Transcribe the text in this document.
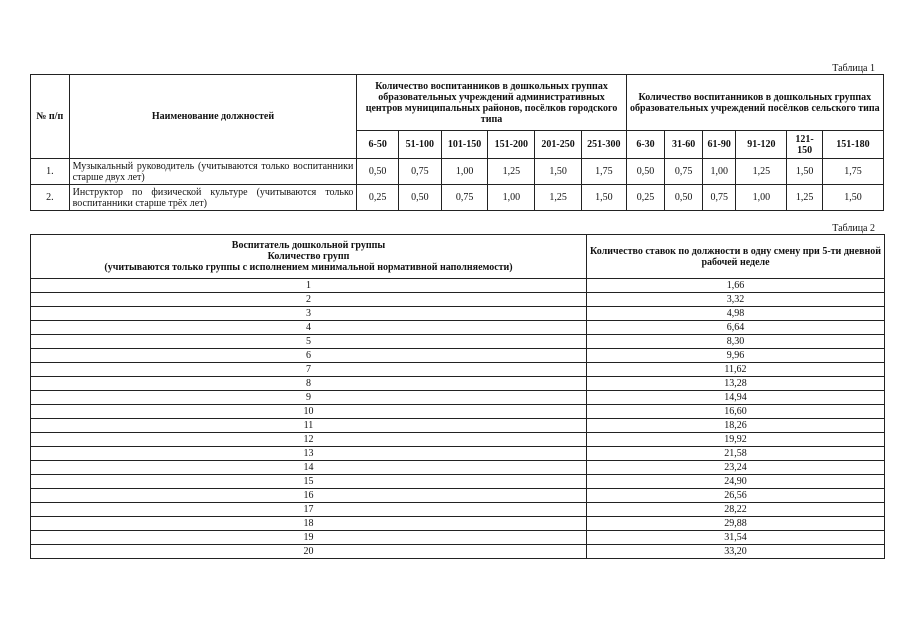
Таблица 1
№ п/п	Наименование должностей	Количество воспитанников в дошкольных группах образовательных учреждений административных центров муниципальных районов, посёлков городского типа						Количество воспитанников в дошкольных группах образовательных учреждений посёлков сельского типа					
		6-50	51-100	101-150	151-200	201-250	251-300	6-30	31-60	61-90	91-120	121-150	151-180
1.	Музыкальный руководитель (учитываются только воспитанники старше двух лет)	0,50	0,75	1,00	1,25	1,50	1,75	0,50	0,75	1,00	1,25	1,50	1,75
2.	Инструктор по физической культуре (учитываются только воспитанники старше трёх лет)	0,25	0,50	0,75	1,00	1,25	1,50	0,25	0,50	0,75	1,00	1,25	1,50
Таблица 2
Воспитатель дошкольной группы
Количество групп
(учитываются только группы с исполнением минимальной нормативной наполняемости)	Количество ставок по должности в одну смену при 5-ти дневной рабочей неделе
1	1,66
2	3,32
3	4,98
4	6,64
5	8,30
6	9,96
7	11,62
8	13,28
9	14,94
10	16,60
11	18,26
12	19,92
13	21,58
14	23,24
15	24,90
16	26,56
17	28,22
18	29,88
19	31,54
20	33,20
